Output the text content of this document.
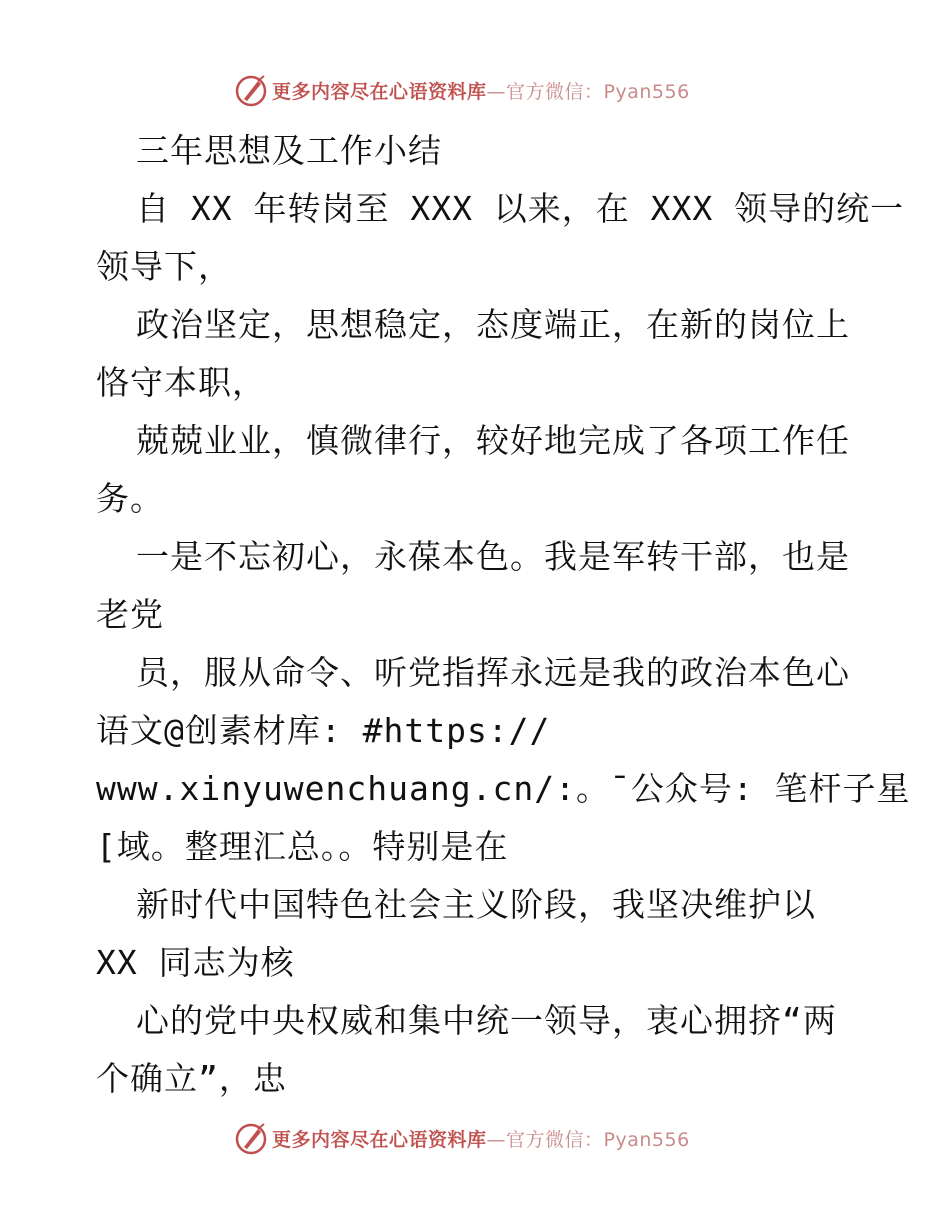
更多内容尽在心语资料库—官方微信：Pyan556
三年思想及工作小结
自 XX 年转岗至 XXX 以来，在 XXX 领导的统一
领导下，
政治坚定，思想稳定，态度端正，在新的岗位上
恪守本职，
兢兢业业，慎微律行，较好地完成了各项工作任
务。
一是不忘初心，永葆本色。我是军转干部，也是
老党
员，服从命令、听党指挥永远是我的政治本色心
语文@创素材库: #https://
www.xinyuwenchuang.cn/:。¯公众号: 笔杆子星
[域。整理汇总。。特别是在
新时代中国特色社会主义阶段，我坚决维护以
XX 同志为核
心的党中央权威和集中统一领导，衷心拥挤“两
个确立”，忠
更多内容尽在心语资料库—官方微信：Pyan556
